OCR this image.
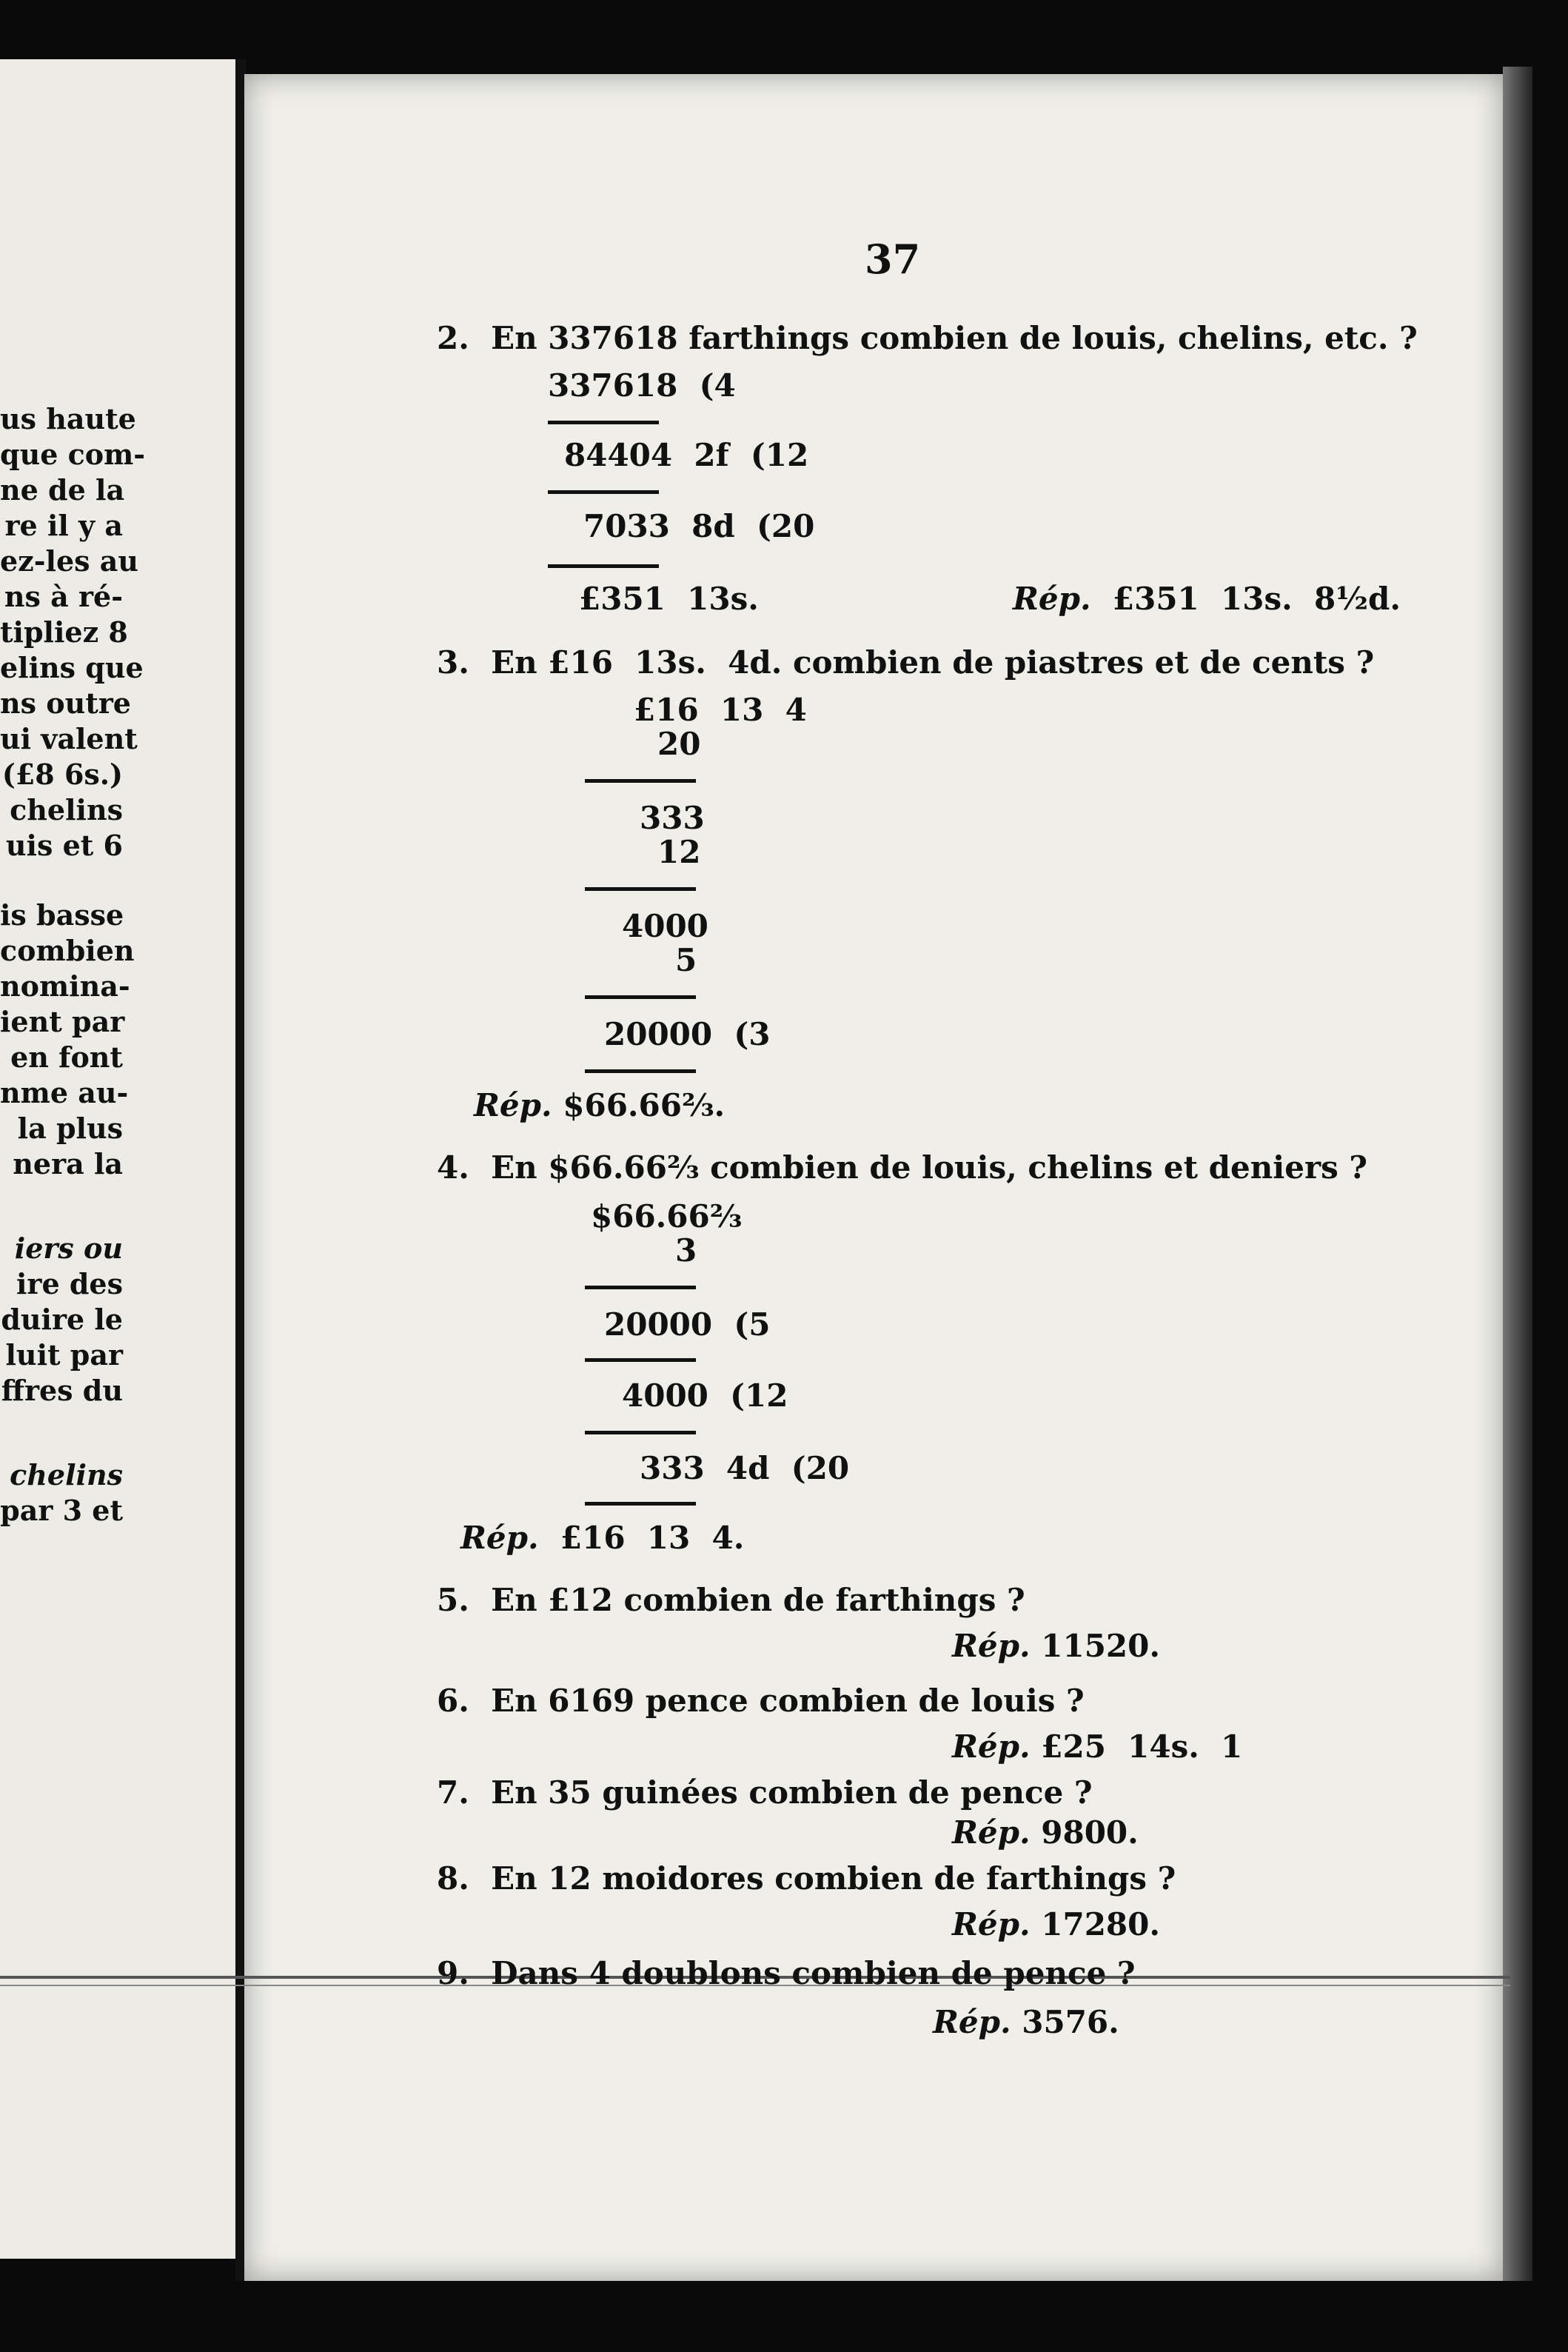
us haute
que com-
ne de la
re il y a
ez-les au
ns à ré-
tipliez 8
elins que
ns outre
ui valent
(£8 6s.)
chelins
uis et 6
is basse
combien
nomina-
ient par
en font
nme au-
la plus
nera la
iers ou
ire des
duire le
luit par
ffres du
chelins
par 3 et
37
2.  En 337618 farthings combien de louis, chelins, etc. ?
337618  (4
84404  2f  (12
7033  8d  (20
£351  13s.	Rép. £351  13s.  8½d.
3.  En £16  13s.  4d. combien de piastres et de cents ?
£16  13  4
20
333
12
4000
5
20000  (3
Rép. $66.66⅔.
4.  En $66.66⅔ combien de louis, chelins et deniers ?
$66.66⅔
3
20000  (5
4000  (12
333  4d  (20
Rép. £16  13  4.
5.  En £12 combien de farthings ?
Rép. 11520.
6.  En 6169 pence combien de louis ?
Rép. £25  14s.  1
7.  En 35 guinées combien de pence ?
Rép. 9800.
8.  En 12 moidores combien de farthings ?
Rép. 17280.
9.  Dans 4 doublons combien de pence ?
Rép. 3576.
